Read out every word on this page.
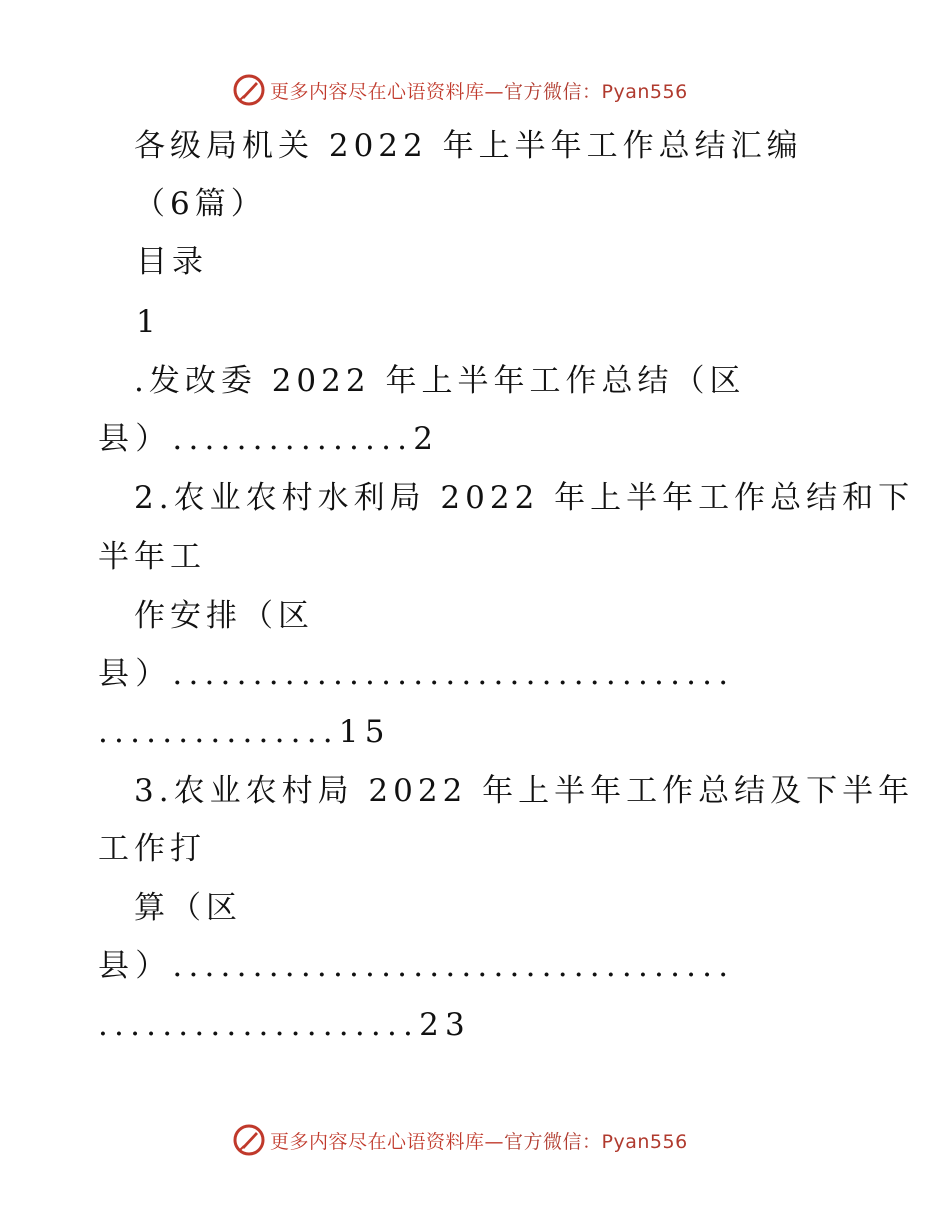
更多内容尽在心语资料库—官方微信：Pyan556
各级局机关 2022 年上半年工作总结汇编
（6篇）
目录
1
.发改委 2022 年上半年工作总结（区
县）...............2
2.农业农村水利局 2022 年上半年工作总结和下
半年工
作安排（区
县）...................................
...............15
3.农业农村局 2022 年上半年工作总结及下半年
工作打
算（区
县）...................................
....................23
更多内容尽在心语资料库—官方微信：Pyan556
